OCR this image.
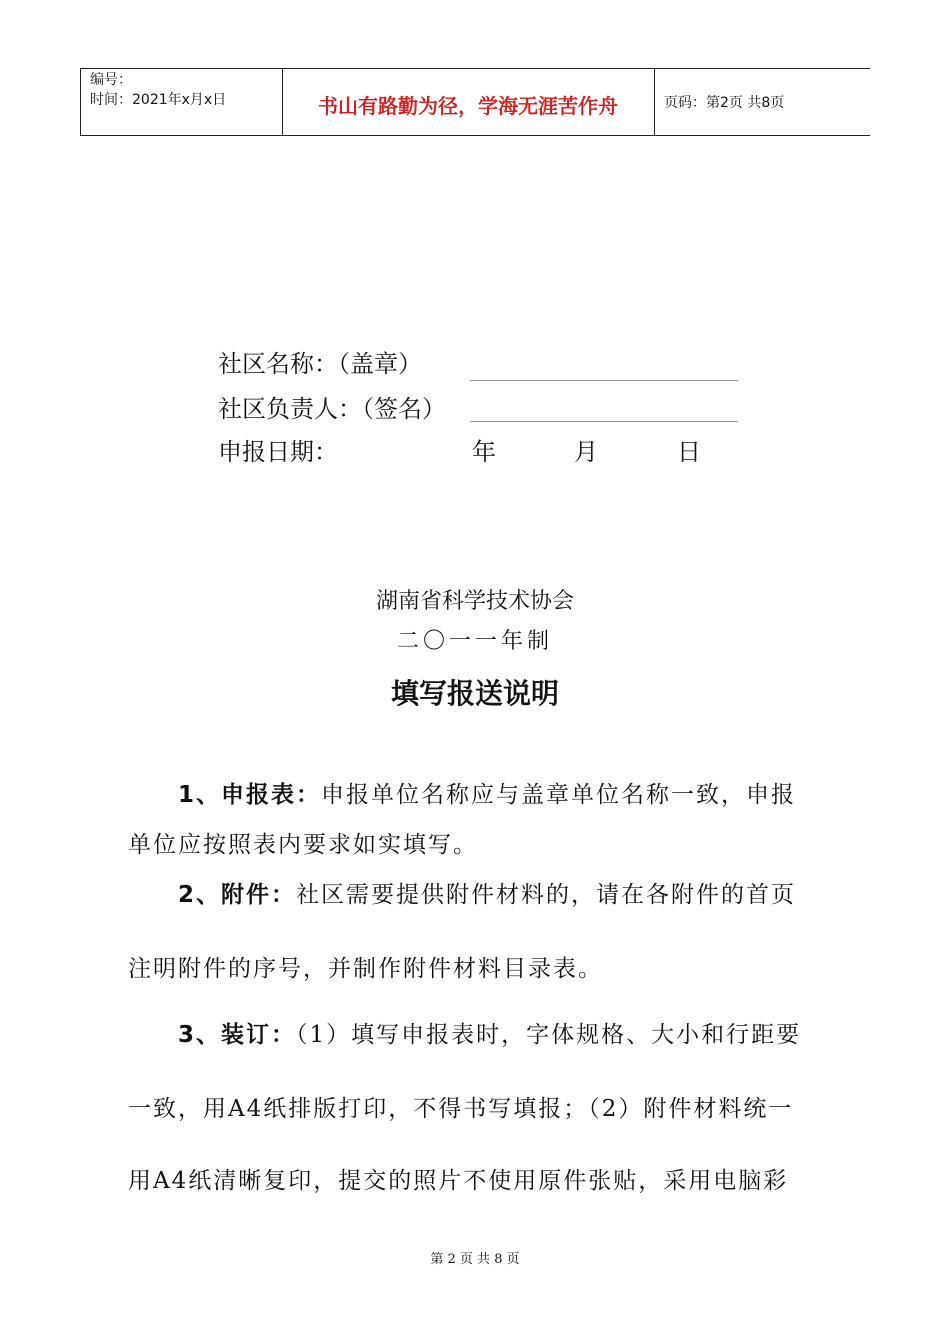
编号：
时间：2021年x月x日	书山有路勤为径，学海无涯苦作舟	页码：第2页 共8页
社区名称：（盖章）
社区负责人：（签名）
申报日期：	年	月	日
湖南省科学技术协会
二〇一一年制
填写报送说明
1、申报表：申报单位名称应与盖章单位名称一致，申报
单位应按照表内要求如实填写。
2、附件：社区需要提供附件材料的，请在各附件的首页
注明附件的序号，并制作附件材料目录表。
3、装订：（1）填写申报表时，字体规格、大小和行距要
一致，用A4纸排版打印，不得书写填报；（2）附件材料统一
用A4纸清晰复印，提交的照片不使用原件张贴，采用电脑彩
第 2 页 共 8 页
